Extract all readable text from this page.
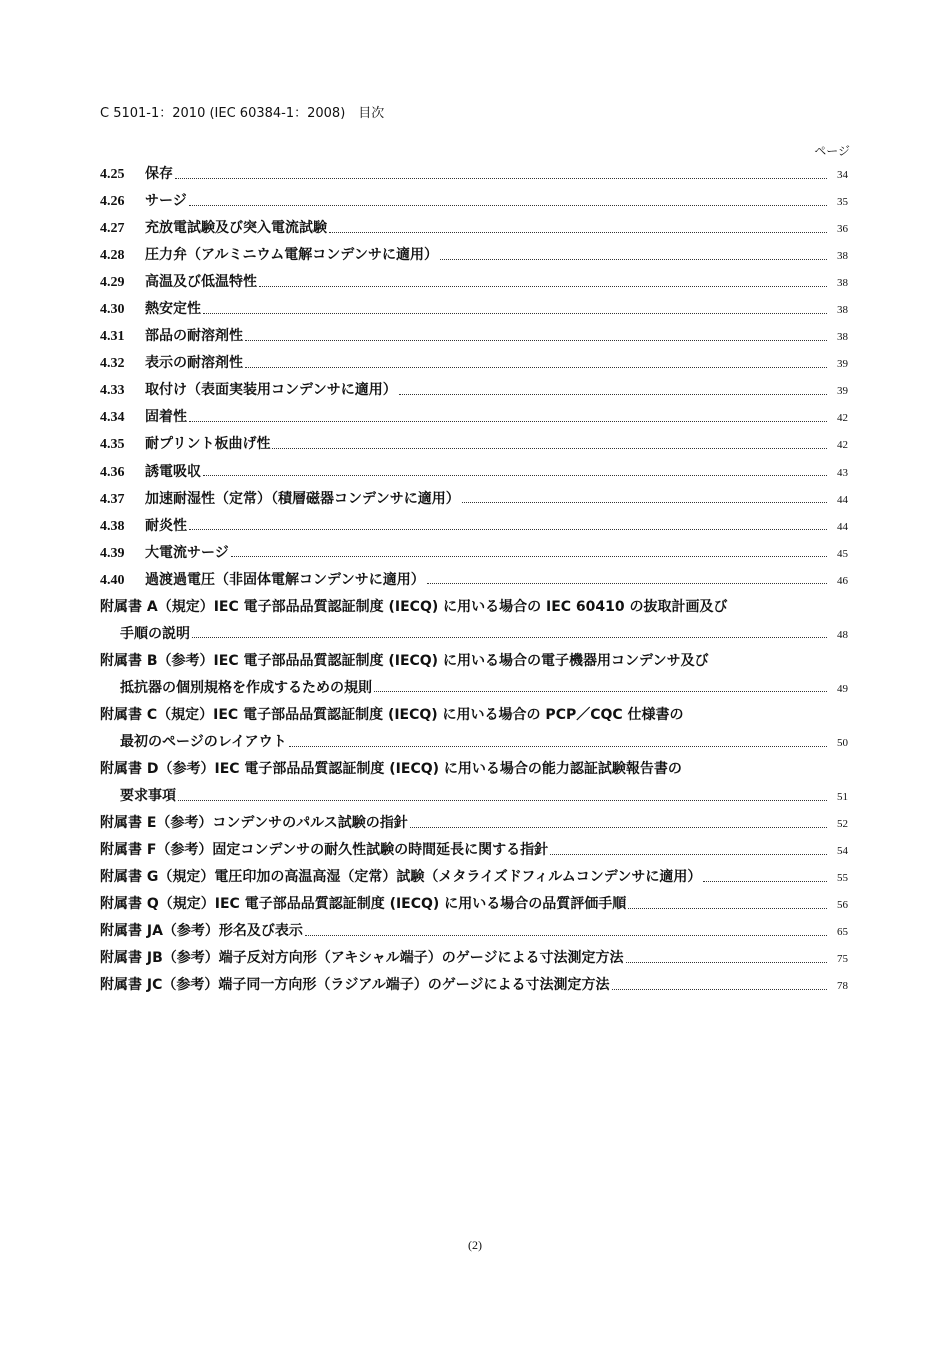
C 5101-1：2010 (IEC 60384-1：2008)　目次
ページ
4.25	保存	34
4.26	サージ	35
4.27	充放電試験及び突入電流試験	36
4.28	圧力弁（アルミニウム電解コンデンサに適用）	38
4.29	高温及び低温特性	38
4.30	熱安定性	38
4.31	部品の耐溶剤性	38
4.32	表示の耐溶剤性	39
4.33	取付け（表面実装用コンデンサに適用）	39
4.34	固着性	42
4.35	耐プリント板曲げ性	42
4.36	誘電吸収	43
4.37	加速耐湿性（定常）（積層磁器コンデンサに適用）	44
4.38	耐炎性	44
4.39	大電流サージ	45
4.40	過渡過電圧（非固体電解コンデンサに適用）	46
附属書 A（規定）IEC 電子部品品質認証制度 (IECQ) に用いる場合の IEC 60410 の抜取計画及び
手順の説明	48
附属書 B（参考）IEC 電子部品品質認証制度 (IECQ) に用いる場合の電子機器用コンデンサ及び
抵抗器の個別規格を作成するための規則	49
附属書 C（規定）IEC 電子部品品質認証制度 (IECQ) に用いる場合の PCP／CQC 仕様書の
最初のページのレイアウト	50
附属書 D（参考）IEC 電子部品品質認証制度 (IECQ) に用いる場合の能力認証試験報告書の
要求事項	51
附属書 E（参考）コンデンサのパルス試験の指針	52
附属書 F（参考）固定コンデンサの耐久性試験の時間延長に関する指針	54
附属書 G（規定）電圧印加の高温高湿（定常）試験（メタライズドフィルムコンデンサに適用）	55
附属書 Q（規定）IEC 電子部品品質認証制度 (IECQ) に用いる場合の品質評価手順	56
附属書 JA（参考）形名及び表示	65
附属書 JB（参考）端子反対方向形（アキシャル端子）のゲージによる寸法測定方法	75
附属書 JC（参考）端子同一方向形（ラジアル端子）のゲージによる寸法測定方法	78
(2)
